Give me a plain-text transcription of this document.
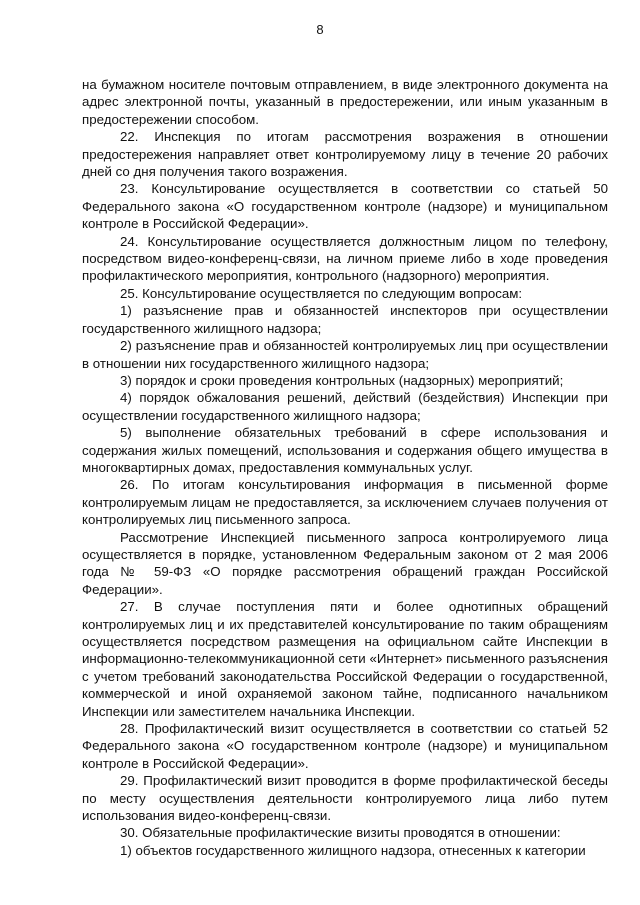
8

на бумажном носителе почтовым отправлением, в виде электронного документа на адрес электронной почты, указанный в предостережении, или иным указанным в предостережении способом.

22. Инспекция по итогам рассмотрения возражения в отношении предостережения направляет ответ контролируемому лицу в течение 20 рабочих дней со дня получения такого возражения.

23. Консультирование осуществляется в соответствии со статьей 50 Федерального закона «О государственном контроле (надзоре) и муниципальном контроле в Российской Федерации».

24. Консультирование осуществляется должностным лицом по телефону, посредством видео-конференц-связи, на личном приеме либо в ходе проведения профилактического мероприятия, контрольного (надзорного) мероприятия.

25. Консультирование осуществляется по следующим вопросам:

1) разъяснение прав и обязанностей инспекторов при осуществлении государственного жилищного надзора;

2) разъяснение прав и обязанностей контролируемых лиц при осуществлении в отношении них государственного жилищного надзора;

3) порядок и сроки проведения контрольных (надзорных) мероприятий;

4) порядок обжалования решений, действий (бездействия) Инспекции при осуществлении государственного жилищного надзора;

5) выполнение обязательных требований в сфере использования и содержания жилых помещений, использования и содержания общего имущества в многоквартирных домах, предоставления коммунальных услуг.

26. По итогам консультирования информация в письменной форме контролируемым лицам не предоставляется, за исключением случаев получения от контролируемых лиц письменного запроса.

Рассмотрение Инспекцией письменного запроса контролируемого лица осуществляется в порядке, установленном Федеральным законом от 2 мая 2006 года № 59-ФЗ «О порядке рассмотрения обращений граждан Российской Федерации».

27. В случае поступления пяти и более однотипных обращений контролируемых лиц и их представителей консультирование по таким обращениям осуществляется посредством размещения на официальном сайте Инспекции в информационно-телекоммуникационной сети «Интернет» письменного разъяснения с учетом требований законодательства Российской Федерации о государственной, коммерческой и иной охраняемой законом тайне, подписанного начальником Инспекции или заместителем начальника Инспекции.

28. Профилактический визит осуществляется в соответствии со статьей 52 Федерального закона «О государственном контроле (надзоре) и муниципальном контроле в Российской Федерации».

29. Профилактический визит проводится в форме профилактической беседы по месту осуществления деятельности контролируемого лица либо путем использования видео-конференц-связи.

30. Обязательные профилактические визиты проводятся в отношении:

1) объектов государственного жилищного надзора, отнесенных к категории
